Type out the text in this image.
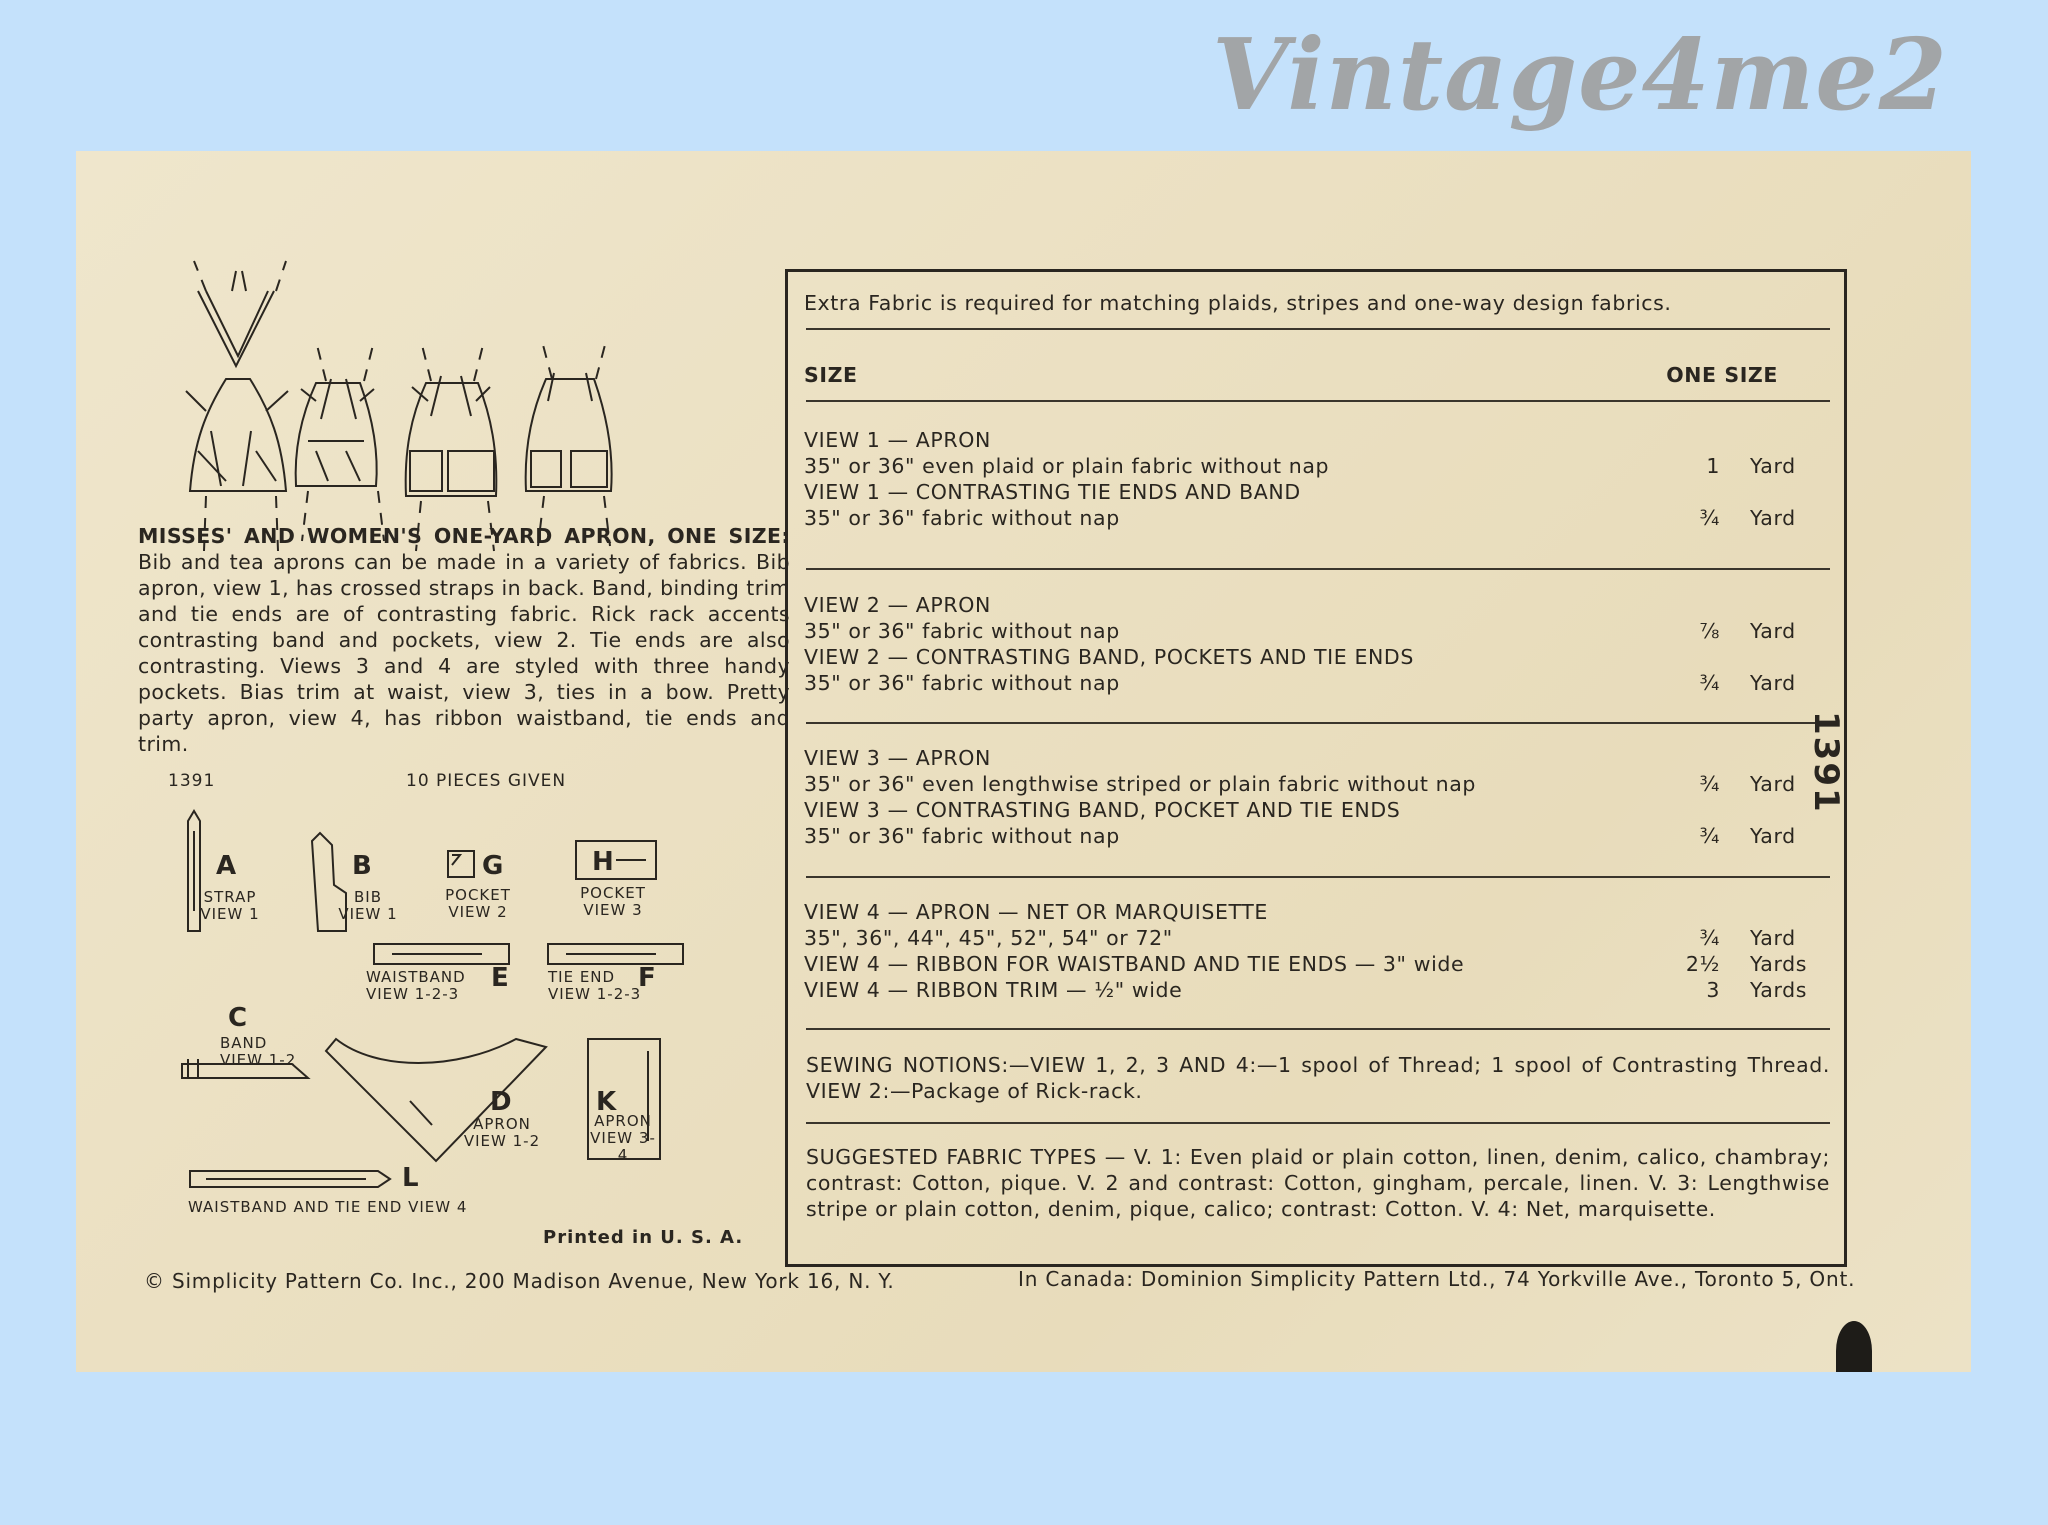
Vintage4me2
MISSES' AND WOMEN'S ONE-YARD APRON, ONE SIZE: Bib and tea aprons can be made in a variety of fabrics. Bib apron, view 1, has crossed straps in back. Band, binding trim and tie ends are of contrasting fabric. Rick rack accents contrasting band and pockets, view 2. Tie ends are also contrasting. Views 3 and 4 are styled with three handy pockets. Bias trim at waist, view 3, ties in a bow. Pretty party apron, view 4, has ribbon waistband, tie ends and trim.
1391	10 PIECES GIVEN
A
STRAP
VIEW 1
B
BIB
VIEW 1
G
POCKET
VIEW 2
H
POCKET
VIEW 3
E
WAISTBAND
VIEW 1-2-3
F
TIE END
VIEW 1-2-3
C
BAND
VIEW 1-2
D
APRON
VIEW 1-2
K
APRON
VIEW 3-4
L
WAISTBAND AND TIE END VIEW 4
Printed in U. S. A.
Extra Fabric is required for matching plaids, stripes and one-way design fabrics.
SIZE	ONE SIZE
VIEW 1 — APRON
35" or 36" even plaid or plain fabric without nap	1 Yard
VIEW 1 — CONTRASTING TIE ENDS AND BAND
35" or 36" fabric without nap	¾ Yard
VIEW 2 — APRON
35" or 36" fabric without nap	⅞ Yard
VIEW 2 — CONTRASTING BAND, POCKETS AND TIE ENDS
35" or 36" fabric without nap	¾ Yard
VIEW 3 — APRON
35" or 36" even lengthwise striped or plain fabric without nap	¾ Yard
VIEW 3 — CONTRASTING BAND, POCKET AND TIE ENDS
35" or 36" fabric without nap	¾ Yard
VIEW 4 — APRON — NET OR MARQUISETTE
35", 36", 44", 45", 52", 54" or 72"	¾ Yard
VIEW 4 — RIBBON FOR WAISTBAND AND TIE ENDS — 3" wide	2½ Yards
VIEW 4 — RIBBON TRIM — ½" wide	3 Yards
SEWING NOTIONS:—VIEW 1, 2, 3 AND 4:—1 spool of Thread; 1 spool of Contrasting Thread. VIEW 2:—Package of Rick-rack.
SUGGESTED FABRIC TYPES — V. 1: Even plaid or plain cotton, linen, denim, calico, chambray; contrast: Cotton, pique. V. 2 and contrast: Cotton, gingham, percale, linen. V. 3: Lengthwise stripe or plain cotton, denim, pique, calico; contrast: Cotton. V. 4: Net, marquisette.
1391
© Simplicity Pattern Co. Inc., 200 Madison Avenue, New York 16, N. Y.	In Canada: Dominion Simplicity Pattern Ltd., 74 Yorkville Ave., Toronto 5, Ont.
